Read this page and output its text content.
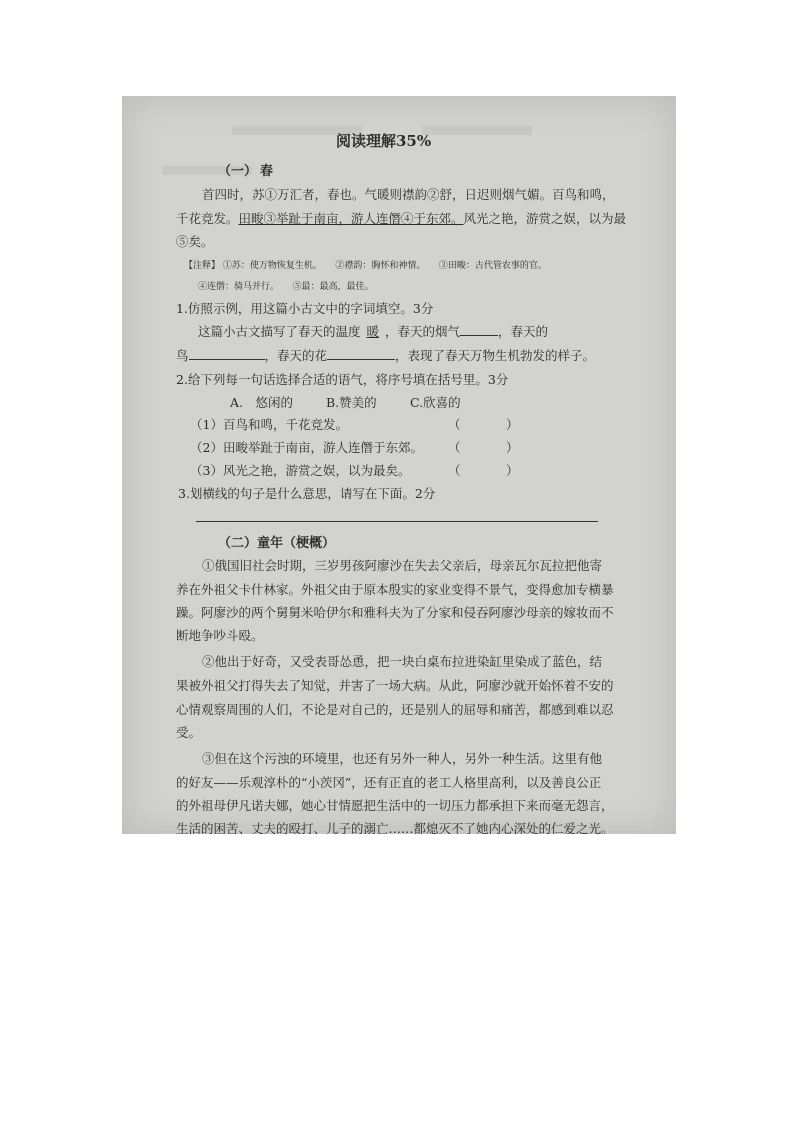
阅读理解35%
（一） 春
首四时，苏①万汇者，春也。气暖则襟韵②舒，日迟则烟气媚。百鸟和鸣，
千花竞发。田畯③举趾于南亩，游人连僭④于东郊。风光之艳，游赏之娱，以为最
⑤矣。
【注释】 ①苏：使万物恢复生机。　　②襟韵：胸怀和神情。　　③田畯：古代管农事的官。
④连僭：骑马并行。　　⑤最：最高，最佳。
1.仿照示例，用这篇小古文中的字词填空。3分
这篇小古文描写了春天的温度 暖 ，春天的烟气	，春天的
鸟	，春天的花	，表现了春天万物生机勃发的样子。
2.给下列每一句话选择合适的语气，将序号填在括号里。3分
A.　悠闲的	B.赞美的	C.欣喜的
（1）百鸟和鸣，千花竞发。	（	）
（2）田畯举趾于南亩，游人连僭于东郊。 （	）
（3）风光之艳，游赏之娱，以为最矣。	（	）
3.划横线的句子是什么意思，请写在下面。2分
（二）童年（梗概）
①俄国旧社会时期，三岁男孩阿廖沙在失去父亲后，母亲瓦尔瓦拉把他寄
养在外祖父卡什林家。外祖父由于原本殷实的家业变得不景气，变得愈加专横暴
躁。阿廖沙的两个舅舅米哈伊尔和雅科夫为了分家和侵吞阿廖沙母亲的嫁妆而不
断地争吵斗殴。
②他出于好奇，又受表哥怂恿，把一块白桌布拉进染缸里染成了蓝色，结
果被外祖父打得失去了知觉，并害了一场大病。从此，阿廖沙就开始怀着不安的
心情观察周围的人们，不论是对自己的，还是别人的屈辱和痛苦，都感到难以忍
受。
③但在这个污浊的环境里，也还有另外一种人，另外一种生活。这里有他
的好友——乐观淳朴的“小茨冈”，还有正直的老工人格里高利，以及善良公正
的外祖母伊凡诺夫娜，她心甘情愿把生活中的一切压力都承担下来而毫无怨言，
生活的困苦、丈夫的殴打、儿子的溺亡……都熄灭不了她内心深处的仁爱之光。
